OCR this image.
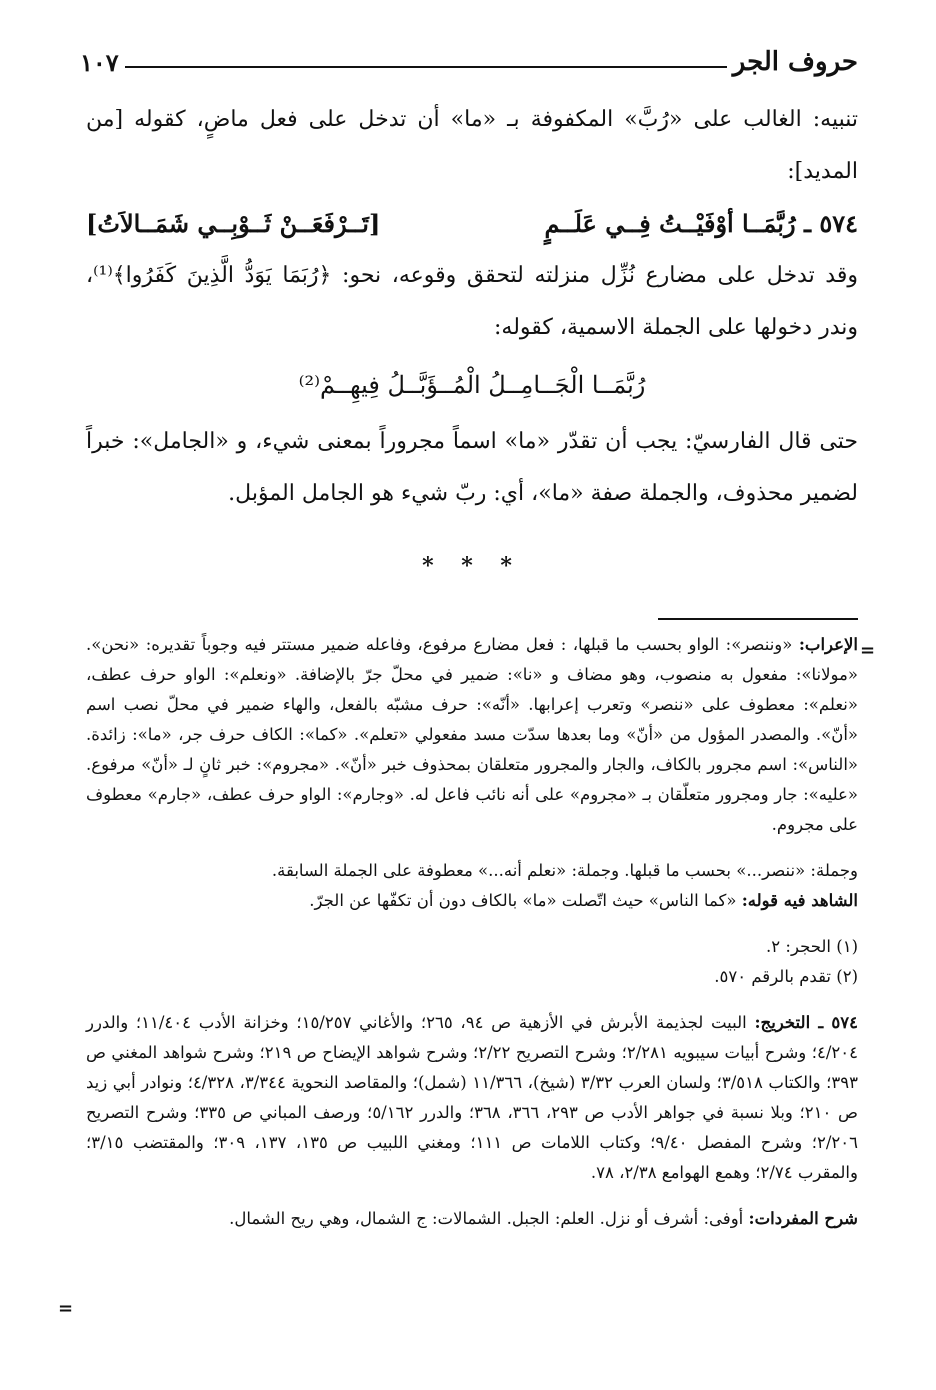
حروف الجر
١٠٧

تنبيه: الغالب على «رُبَّ» المكفوفة بـ «ما» أن تدخل على فعل ماضٍ، كقوله [من المديد]:

٥٧٤ ـ رُبَّمَــا أوْفَيْــتُ فِــي عَلَــمٍ
[تَــرْفَعَــنْ ثَــوْبِــي شَمَــالاَتُ]

وقد تدخل على مضارع نُزِّل منزلته لتحقق وقوعه، نحو: ﴿رُبَمَا يَوَدُّ الَّذِينَ كَفَرُوا﴾⁽¹⁾، وندر دخولها على الجملة الاسمية، كقوله:

رُبَّمَــا الْجَــامِــلُ الْمُــؤَبَّــلُ فِيهِــمْ⁽²⁾

حتى قال الفارسيّ: يجب أن تقدّر «ما» اسماً مجروراً بمعنى شيء، و «الجامل»: خبراً لضمير محذوف، والجملة صفة «ما»، أي: ربّ شيء هو الجامل المؤبل.

* * *
=
=

الإعراب: «وننصر»: الواو بحسب ما قبلها، : فعل مضارع مرفوع، وفاعله ضمير مستتر فيه وجوباً تقديره: «نحن». «مولانا»: مفعول به منصوب، وهو مضاف و «نا»: ضمير في محلّ جرّ بالإضافة. «ونعلم»: الواو حرف عطف، «نعلم»: معطوف على «ننصر» وتعرب إعرابها. «أنّه»: حرف مشبّه بالفعل، والهاء ضمير في محلّ نصب اسم «أنّ». والمصدر المؤول من «أنّ» وما بعدها سدّت مسد مفعولي «تعلم». «كما»: الكاف حرف جر، «ما»: زائدة. «الناس»: اسم مجرور بالكاف، والجار والمجرور متعلقان بمحذوف خبر «أنّ». «مجروم»: خبر ثانٍ لـ «أنّ» مرفوع. «عليه»: جار ومجرور متعلّقان بـ «مجروم» على أنه نائب فاعل له. «وجارم»: الواو حرف عطف، «جارم» معطوف على مجروم.

وجملة: «ننصر...» بحسب ما قبلها. وجملة: «نعلم أنه...» معطوفة على الجملة السابقة.

الشاهد فيه قوله: «كما الناس» حيث اتّصلت «ما» بالكاف دون أن تكفّها عن الجرّ.

(١) الحجر: ٢.

(٢) تقدم بالرقم ٥٧٠.

٥٧٤ ـ التخريج: البيت لجذيمة الأبرش في الأزهية ص ٩٤، ٢٦٥؛ والأغاني ١٥/٢٥٧؛ وخزانة الأدب ١١/٤٠٤؛ والدرر ٤/٢٠٤؛ وشرح أبيات سيبويه ٢/٢٨١؛ وشرح التصريح ٢/٢٢؛ وشرح شواهد الإيضاح ص ٢١٩؛ وشرح شواهد المغني ص ٣٩٣؛ والكتاب ٣/٥١٨؛ ولسان العرب ٣/٣٢ (شيخ)، ١١/٣٦٦ (شمل)؛ والمقاصد النحوية ٣/٣٤٤، ٤/٣٢٨؛ ونوادر أبي زيد ص ٢١٠؛ وبلا نسبة في جواهر الأدب ص ٢٩٣، ٣٦٦، ٣٦٨؛ والدرر ٥/١٦٢؛ ورصف المباني ص ٣٣٥؛ وشرح التصريح ٢/٢٠٦؛ وشرح المفصل ٩/٤٠؛ وكتاب اللامات ص ١١١؛ ومغني اللبيب ص ١٣٥، ١٣٧، ٣٠٩؛ والمقتضب ٣/١٥؛ والمقرب ٢/٧٤؛ وهمع الهوامع ٢/٣٨، ٧٨.

شرح المفردات: أوفى: أشرف أو نزل. العلم: الجبل. الشمالات: ج الشمال، وهي ريح الشمال.
